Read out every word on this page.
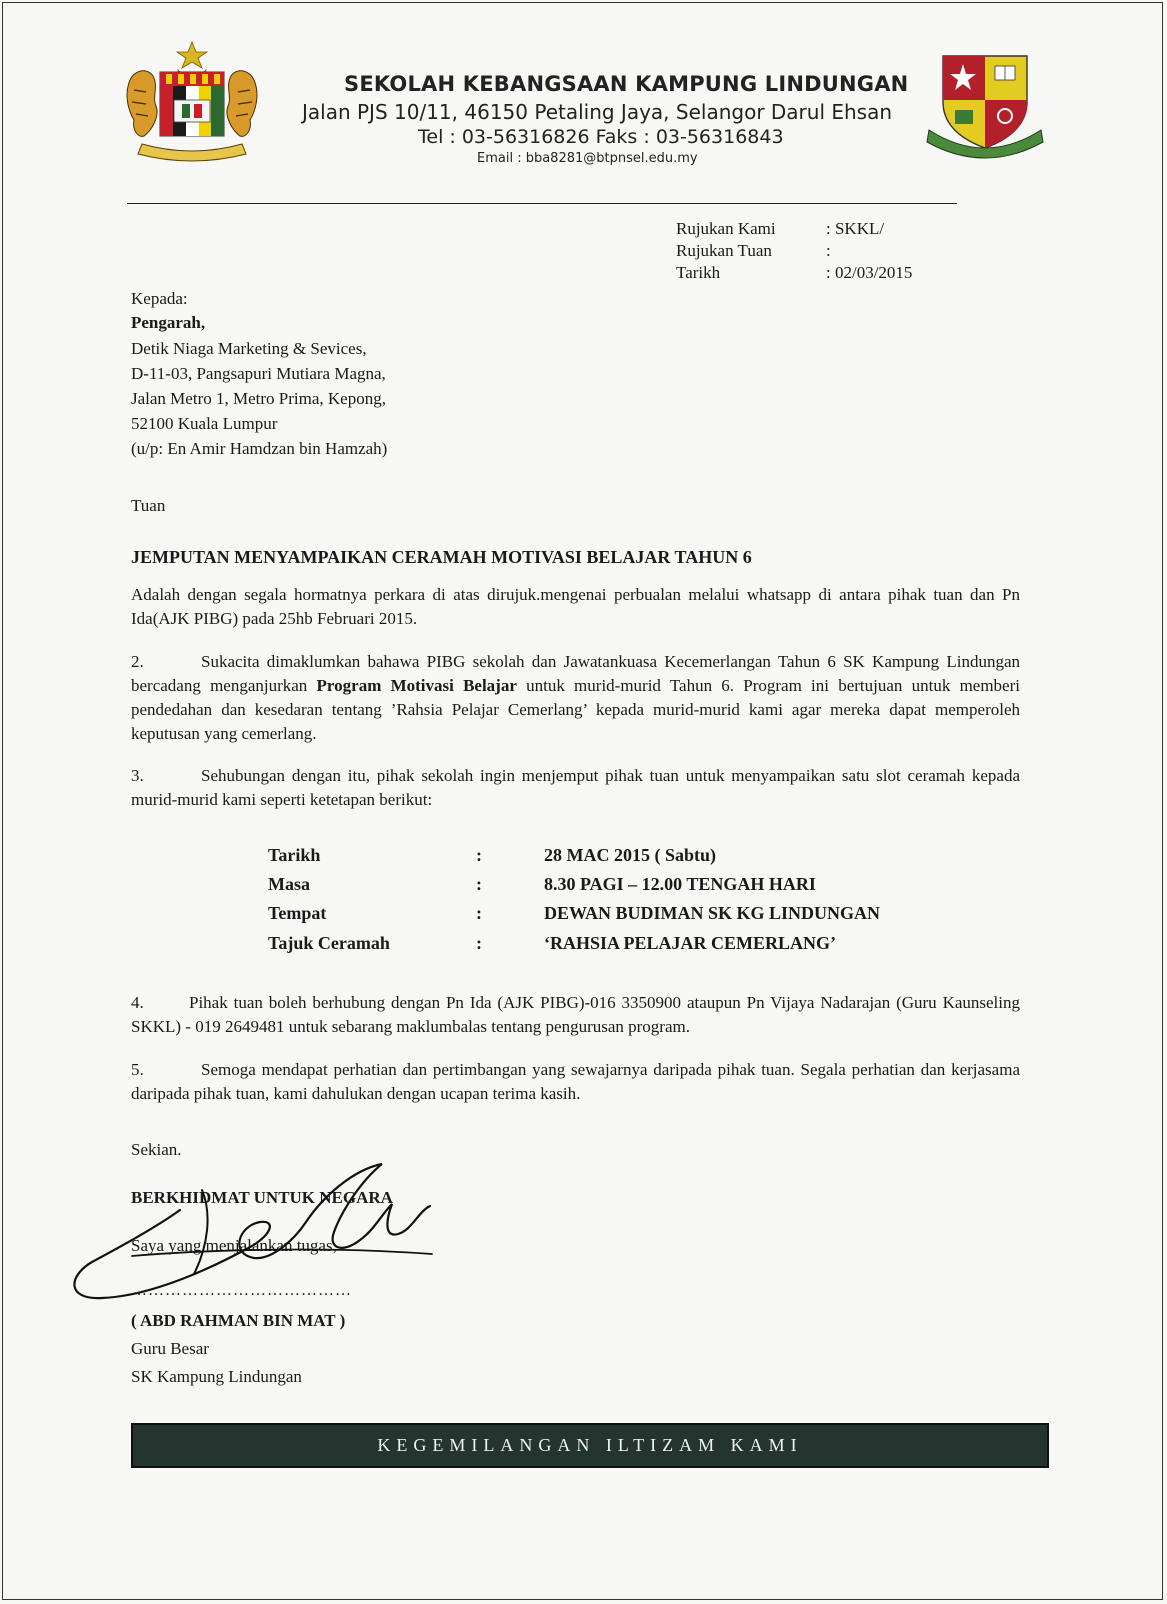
SEKOLAH KEBANGSAAN KAMPUNG LINDUNGAN
Jalan PJS 10/11, 46150 Petaling Jaya, Selangor Darul Ehsan
Tel : 03-56316826 Faks : 03-56316843
Email : bba8281@btpnsel.edu.my
Rujukan Kami	: SKKL/
Rujukan Tuan	:
Tarikh	: 02/03/2015
Kepada:
Pengarah,
Detik Niaga Marketing & Sevices,
D-11-03, Pangsapuri Mutiara Magna,
Jalan Metro 1, Metro Prima, Kepong,
52100 Kuala Lumpur
(u/p: En Amir Hamdzan bin Hamzah)
Tuan
JEMPUTAN MENYAMPAIKAN CERAMAH MOTIVASI BELAJAR TAHUN 6
Adalah dengan segala hormatnya perkara di atas dirujuk.mengenai perbualan melalui whatsapp di antara pihak tuan dan Pn Ida(AJK PIBG) pada 25hb Februari 2015.
2.	Sukacita dimaklumkan bahawa PIBG sekolah dan Jawatankuasa Kecemerlangan Tahun 6 SK Kampung Lindungan bercadang menganjurkan Program Motivasi Belajar untuk murid-murid Tahun 6. Program ini bertujuan untuk memberi pendedahan dan kesedaran tentang ’Rahsia Pelajar Cemerlang’ kepada murid-murid kami agar mereka dapat memperoleh keputusan yang cemerlang.
3.	Sehubungan dengan itu, pihak sekolah ingin menjemput pihak tuan untuk menyampaikan satu slot ceramah kepada murid-murid kami seperti ketetapan berikut:
Tarikh	:	28 MAC 2015 ( Sabtu)
Masa	:	8.30 PAGI – 12.00 TENGAH HARI
Tempat	:	DEWAN BUDIMAN SK KG LINDUNGAN
Tajuk Ceramah	:	‘RAHSIA PELAJAR CEMERLANG’
4.	Pihak tuan boleh berhubung dengan Pn Ida (AJK PIBG)-016 3350900 ataupun Pn Vijaya Nadarajan (Guru Kaunseling SKKL) - 019 2649481 untuk sebarang maklumbalas tentang pengurusan program.
5.	Semoga mendapat perhatian dan pertimbangan yang sewajarnya daripada pihak tuan. Segala perhatian dan kerjasama daripada pihak tuan, kami dahulukan dengan ucapan terima kasih.
Sekian.
BERKHIDMAT UNTUK NEGARA
Saya yang menjalankan tugas,
…………………………………
( ABD RAHMAN BIN MAT )
Guru Besar
SK Kampung Lindungan
KEGEMILANGAN ILTIZAM KAMI
